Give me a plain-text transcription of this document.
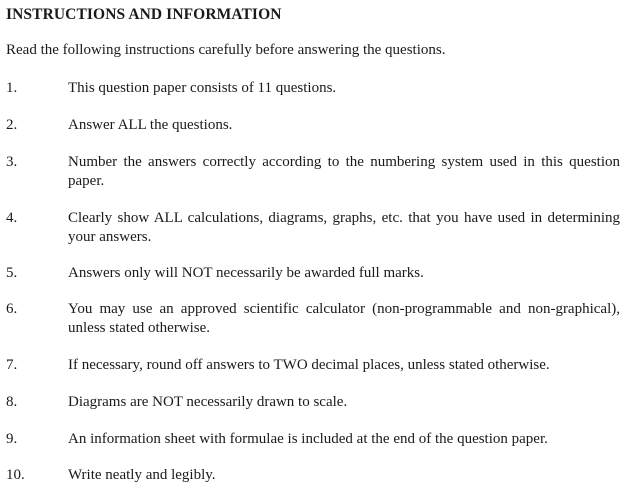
INSTRUCTIONS AND INFORMATION

Read the following instructions carefully before answering the questions.

1.	This question paper consists of 11 questions.
2.	Answer ALL the questions.
3.	Number the answers correctly according to the numbering system used in this question paper.
4.	Clearly show ALL calculations, diagrams, graphs, etc. that you have used in determining your answers.
5.	Answers only will NOT necessarily be awarded full marks.
6.	You may use an approved scientific calculator (non-programmable and non-graphical), unless stated otherwise.
7.	If necessary, round off answers to TWO decimal places, unless stated otherwise.
8.	Diagrams are NOT necessarily drawn to scale.
9.	An information sheet with formulae is included at the end of the question paper.
10.	Write neatly and legibly.
